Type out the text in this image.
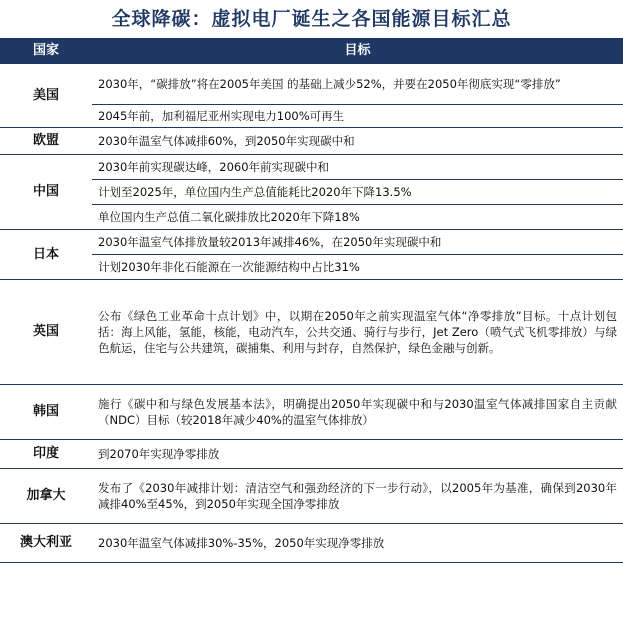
全球降碳：虚拟电厂诞生之各国能源目标汇总
国家	目标
美国	2030年，“碳排放”将在2005年美国 的基础上减少52%，并要在2050年彻底实现“零排放”
	2045年前，加利福尼亚州实现电力100%可再生
欧盟	2030年温室气体减排60%，到2050年实现碳中和
中国	2030年前实现碳达峰，2060年前实现碳中和
	计划至2025年，单位国内生产总值能耗比2020年下降13.5%
	单位国内生产总值二氧化碳排放比2020年下降18%
日本	2030年温室气体排放量较2013年减排46%，在2050年实现碳中和
	计划2030年非化石能源在一次能源结构中占比31%
英国	公布《绿色工业革命十点计划》中，以期在2050年之前实现温室气体“净零排放”目标。十点计划包括：海上风能，氢能，核能，电动汽车，公共交通、骑行与步行，Jet Zero（喷气式飞机零排放）与绿色航运，住宅与公共建筑，碳捕集、利用与封存，自然保护，绿色金融与创新。
韩国	施行《碳中和与绿色发展基本法》，明确提出2050年实现碳中和与2030温室气体减排国家自主贡献（NDC）目标（较2018年减少40%的温室气体排放）
印度	到2070年实现净零排放
加拿大	发布了《2030年减排计划：清洁空气和强劲经济的下一步行动》，以2005年为基准，确保到2030年减排40%至45%，到2050年实现全国净零排放
澳大利亚	2030年温室气体减排30%-35%，2050年实现净零排放
